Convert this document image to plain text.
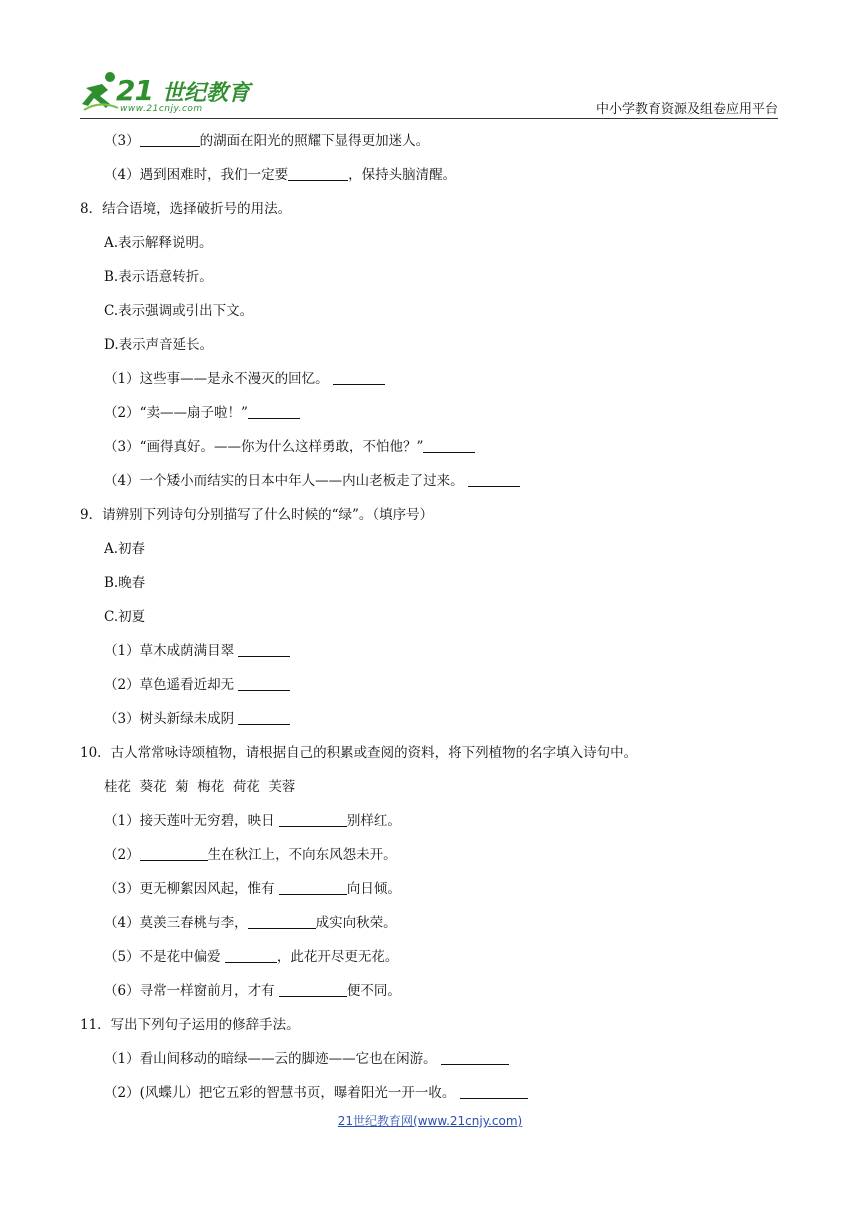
21 世纪教育
www.21cnjy.com	中小学教育资源及组卷应用平台
（3）	的湖面在阳光的照耀下显得更加迷人。
（4）遇到困难时，我们一定要	，保持头脑清醒。
8．结合语境，选择破折号的用法。
A.表示解释说明。
B.表示语意转折。
C.表示强调或引出下文。
D.表示声音延长。
（1）这些事——是永不漫灭的回忆。
（2）“卖——扇子啦！”
（3）“画得真好。——你为什么这样勇敢，不怕他？”
（4）一个矮小而结实的日本中年人——内山老板走了过来。
9．请辨别下列诗句分别描写了什么时候的“绿”。（填序号）
A.初春
B.晚春
C.初夏
（1）草木成荫满目翠
（2）草色遥看近却无
（3）树头新绿未成阴
10．古人常常咏诗颂植物，请根据自己的积累或查阅的资料，将下列植物的名字填入诗句中。
桂花  葵花  菊  梅花  荷花  芙蓉
（1）接天莲叶无穷碧，映日	别样红。
（2）	生在秋江上，不向东风怨未开。
（3）更无柳絮因风起，惟有	向日倾。
（4）莫羡三春桃与李，	成实向秋荣。
（5）不是花中偏爱	，此花开尽更无花。
（6）寻常一样窗前月，才有	便不同。
11．写出下列句子运用的修辞手法。
（1）看山间移动的暗绿——云的脚迹——它也在闲游。
（2）(风蝶儿）把它五彩的智慧书页，曝着阳光一开一收。
21世纪教育网(www.21cnjy.com)
